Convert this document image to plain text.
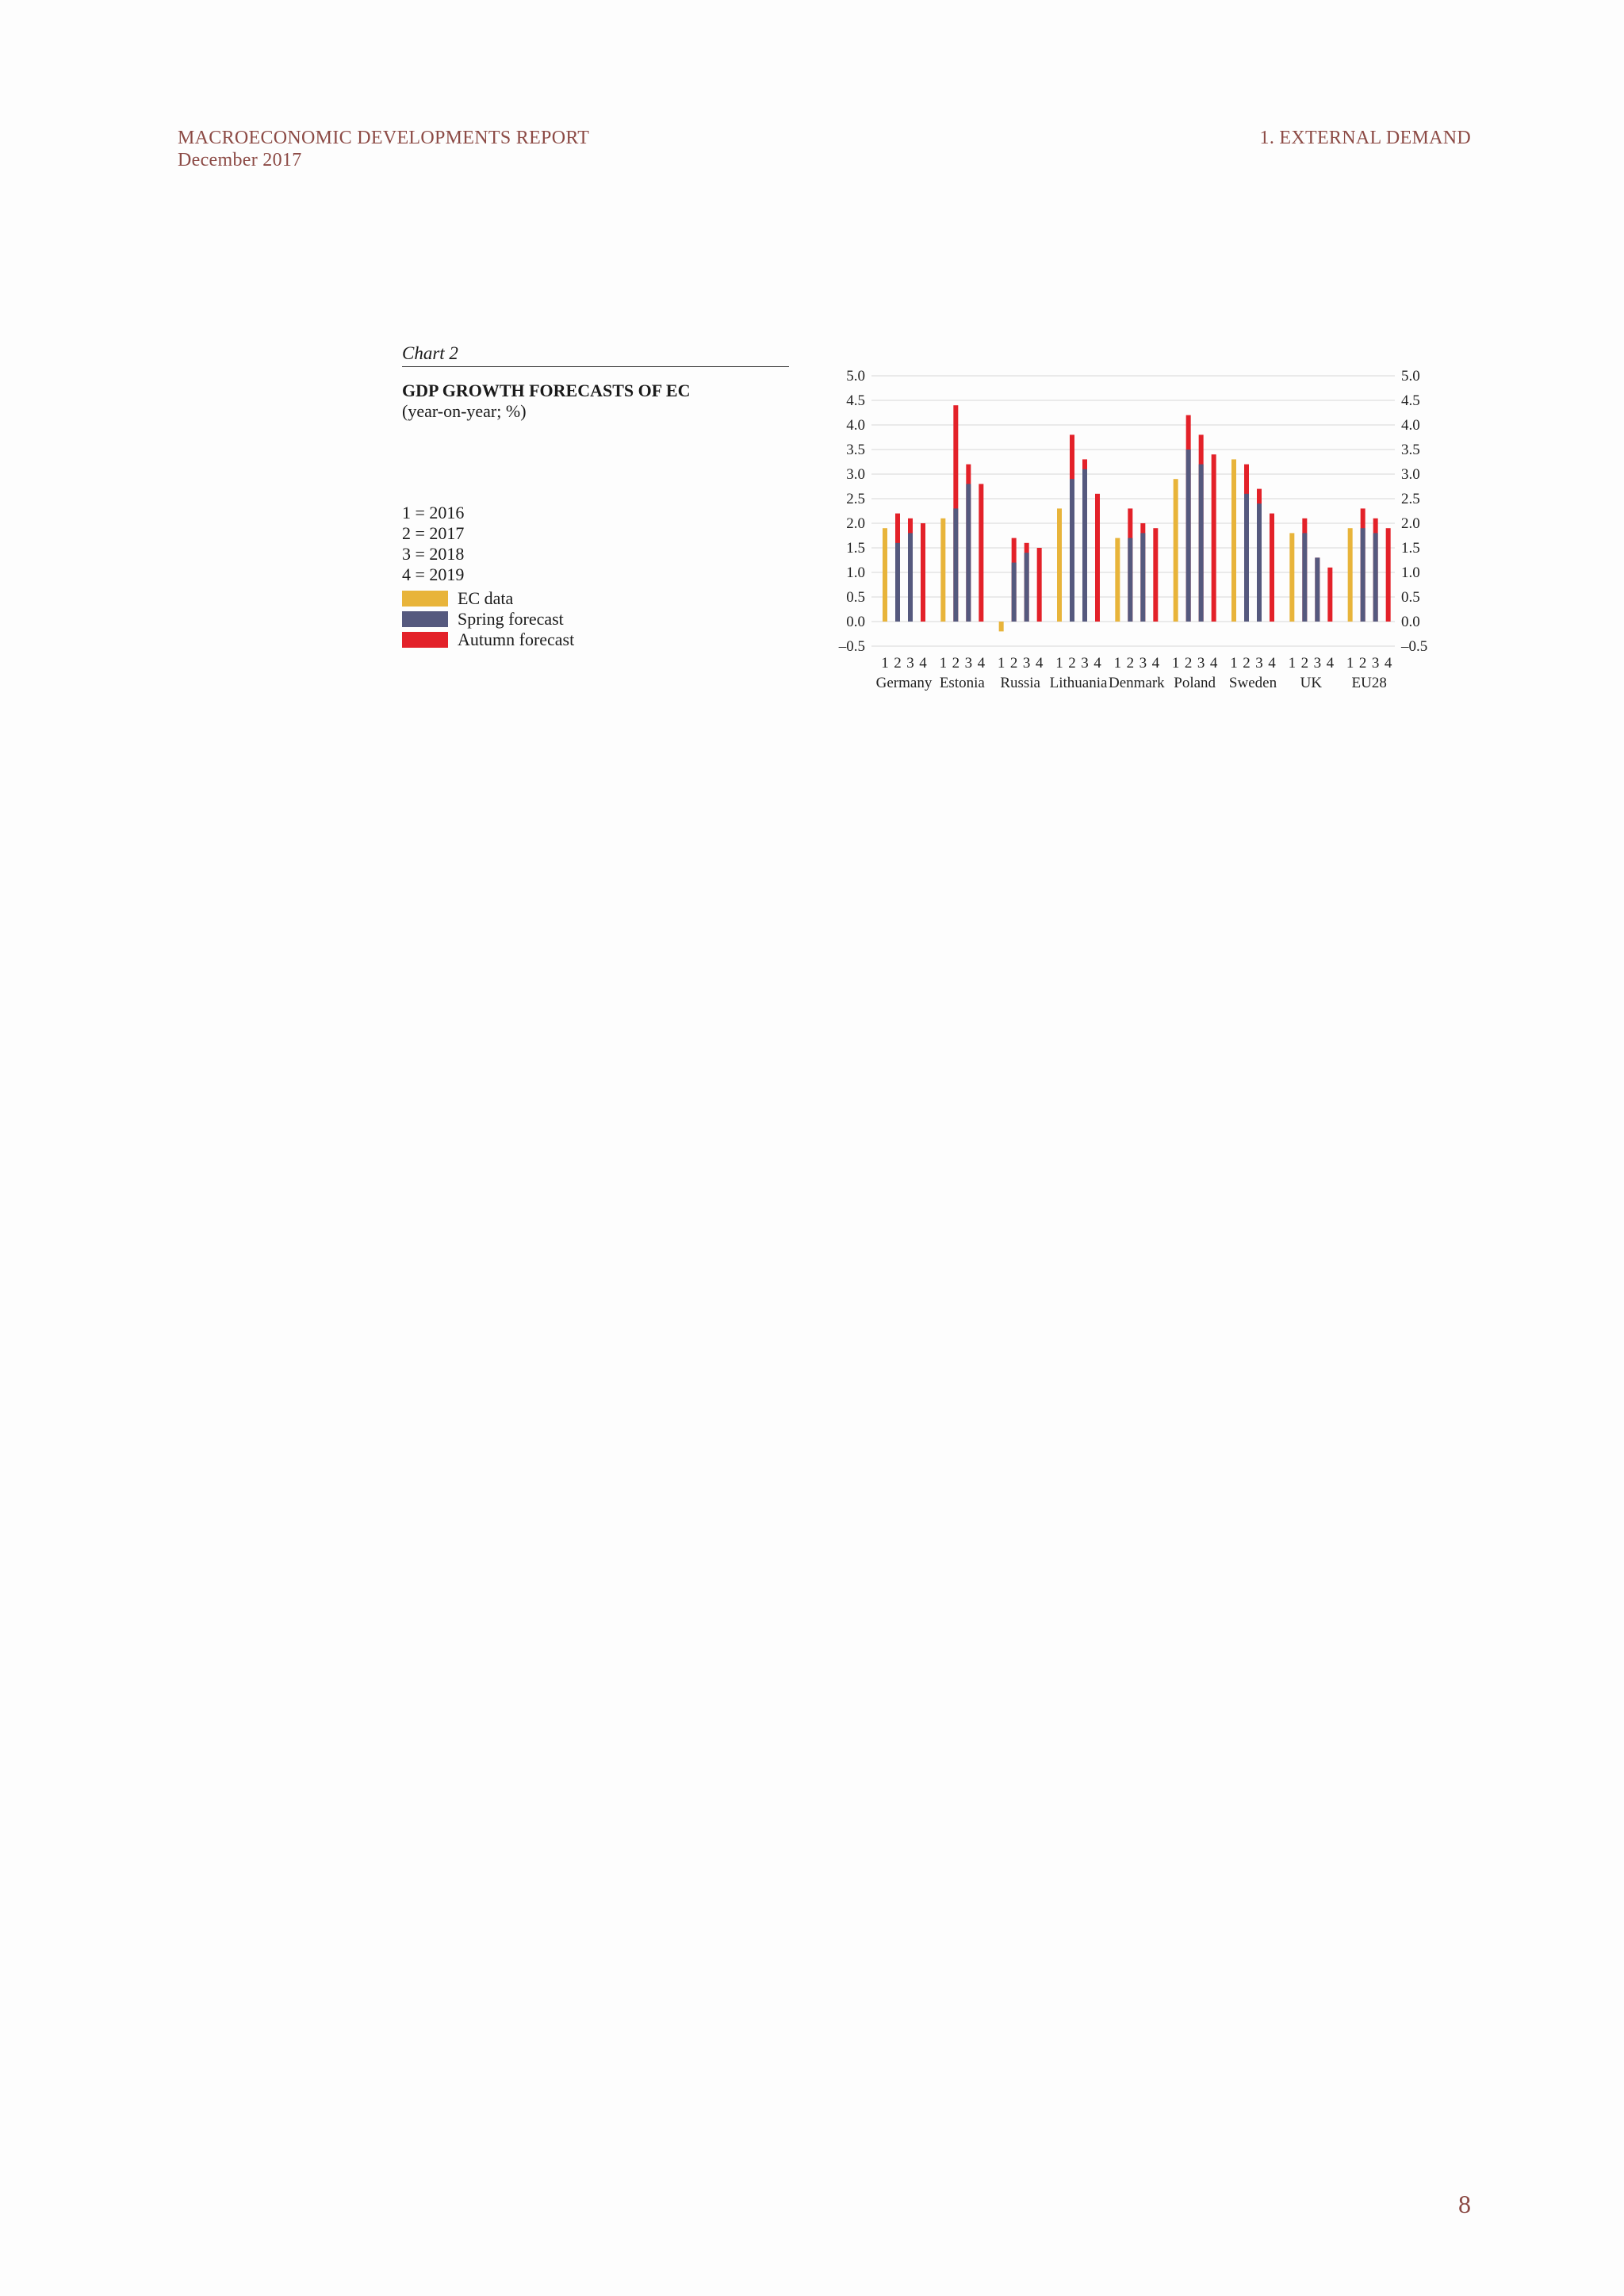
MACROECONOMIC DEVELOPMENTS REPORT
December 2017
1. EXTERNAL DEMAND
Chart 2
GDP GROWTH FORECASTS OF EC
(year-on-year; %)
1 = 2016
2 = 2017
3 = 2018
4 = 2019
EC data
Spring forecast
Autumn forecast
5.0	5.0
4.5	4.5
4.0	4.0
3.5	3.5
3.0	3.0
2.5	2.5
2.0	2.0
1.5	1.5
1.0	1.0
0.5	0.5
0.0	0.0
–0.5	–0.5
1 2 3 4
Germany
1 2 3 4
Estonia
1 2 3 4
Russia
1 2 3 4
Lithuania
1 2 3 4
Denmark
1 2 3 4
Poland
1 2 3 4
Sweden
1 2 3 4
UK
1 2 3 4
EU28
8
